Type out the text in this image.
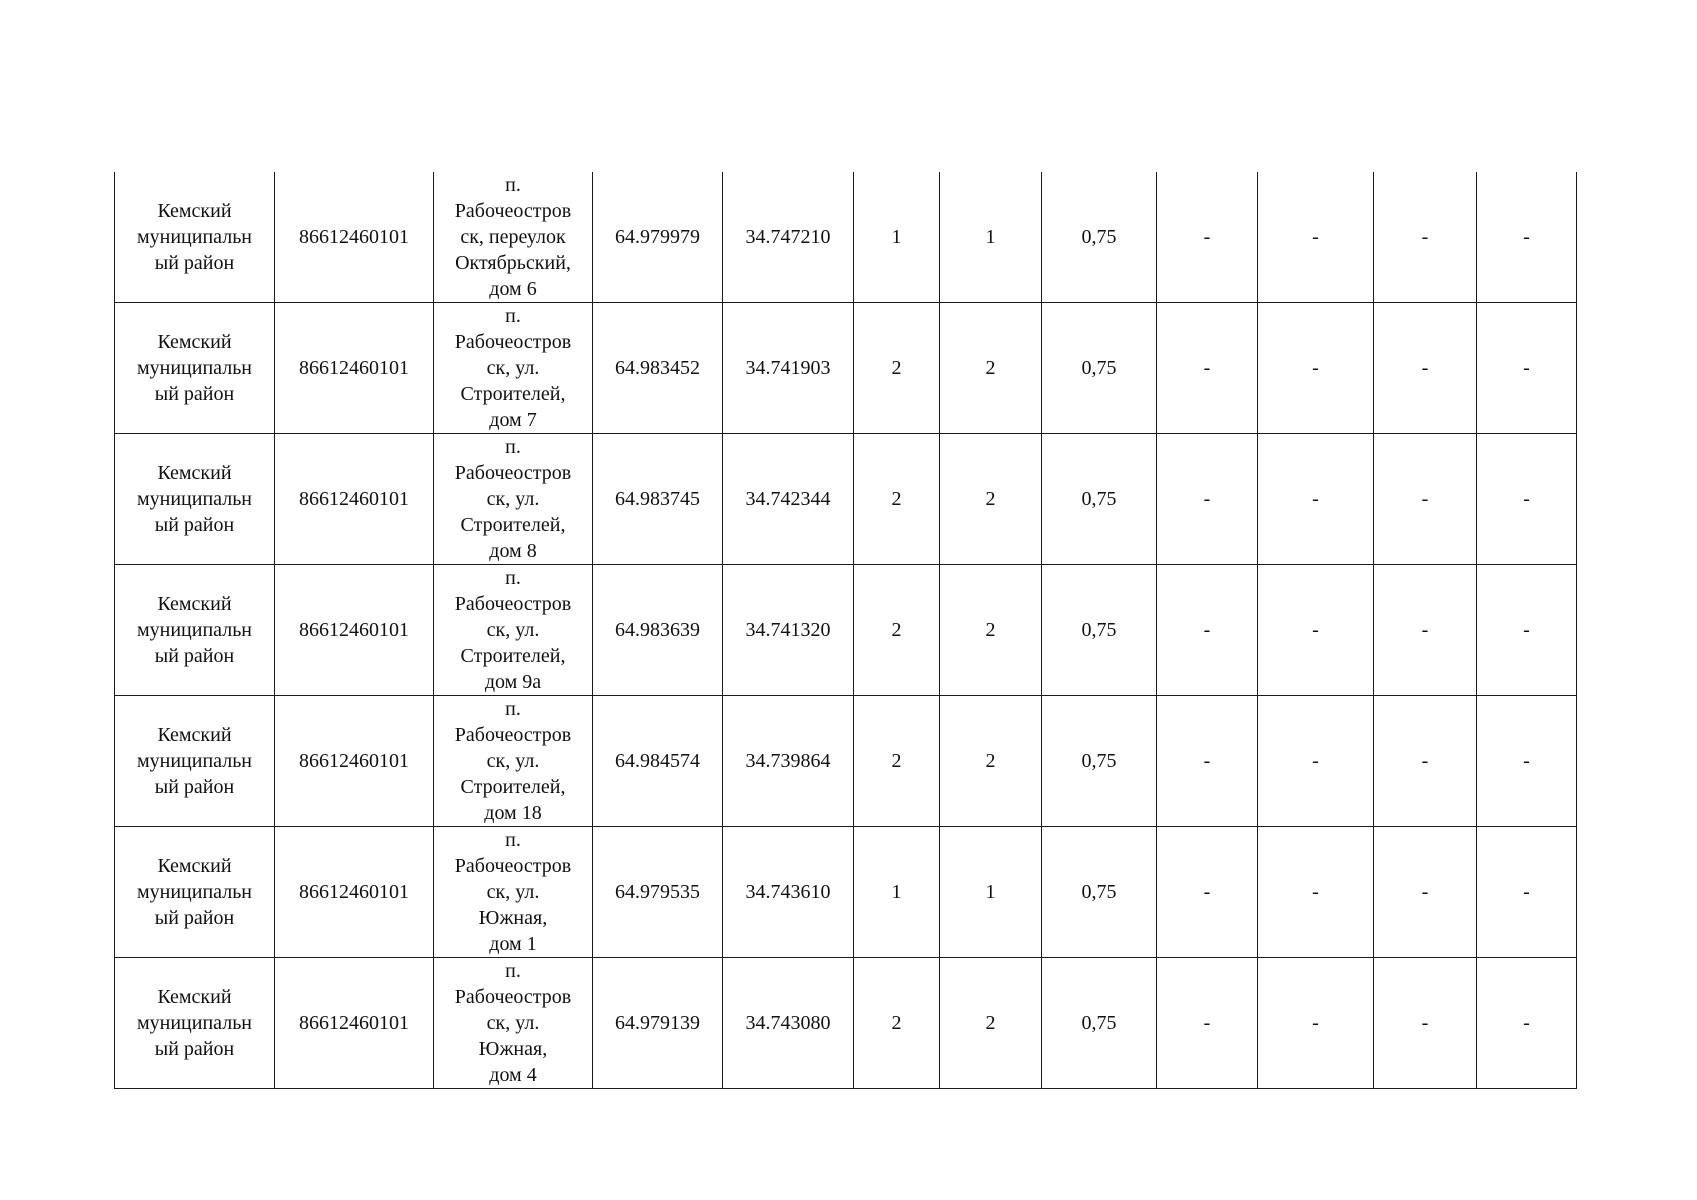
Кемский
муниципальн
ый район	86612460101	п.
Рабочеостров
ск, переулок
Октябрьский,
дом 6	64.979979	34.747210	1	1	0,75	-	-	-	-
Кемский
муниципальн
ый район	86612460101	п.
Рабочеостров
ск, ул.
Строителей,
дом 7	64.983452	34.741903	2	2	0,75	-	-	-	-
Кемский
муниципальн
ый район	86612460101	п.
Рабочеостров
ск, ул.
Строителей,
дом 8	64.983745	34.742344	2	2	0,75	-	-	-	-
Кемский
муниципальн
ый район	86612460101	п.
Рабочеостров
ск, ул.
Строителей,
дом 9а	64.983639	34.741320	2	2	0,75	-	-	-	-
Кемский
муниципальн
ый район	86612460101	п.
Рабочеостров
ск, ул.
Строителей,
дом 18	64.984574	34.739864	2	2	0,75	-	-	-	-
Кемский
муниципальн
ый район	86612460101	п.
Рабочеостров
ск, ул.
Южная,
дом 1	64.979535	34.743610	1	1	0,75	-	-	-	-
Кемский
муниципальн
ый район	86612460101	п.
Рабочеостров
ск, ул.
Южная,
дом 4	64.979139	34.743080	2	2	0,75	-	-	-	-
